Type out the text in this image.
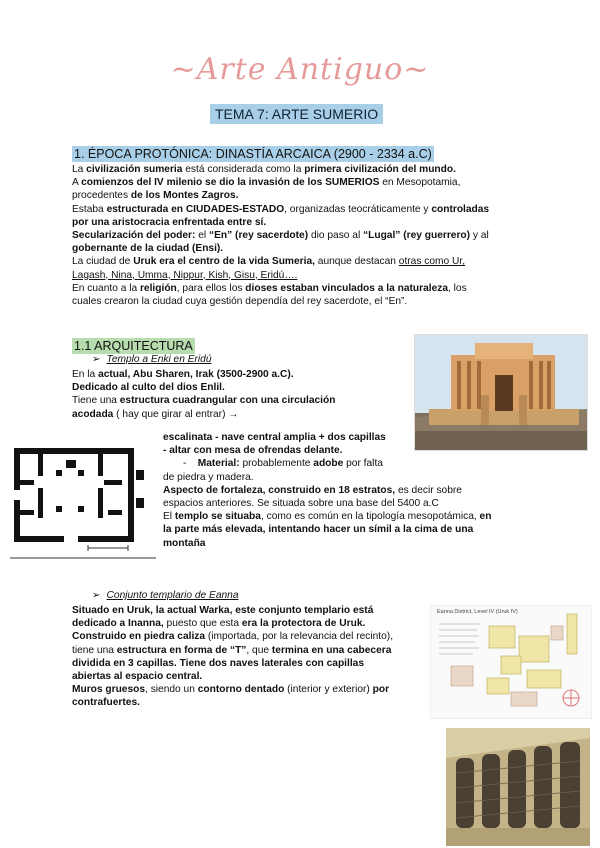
~Arte Antiguo~
TEMA 7: ARTE SUMERIO
1. ÉPOCA PROTÓNICA: DINASTÍA ARCAICA (2900 - 2334 a.C)
La civilización sumeria está considerada como la primera civilización del mundo.
A comienzos del IV milenio se dio la invasión de los SUMERIOS en Mesopotamia,
procedentes de los Montes Zagros.
Estaba estructurada en CIUDADES-ESTADO, organizadas teocráticamente y controladas
por una aristocracia enfrentada entre sí.
Secularización del poder: el “En” (rey sacerdote) dio paso al “Lugal” (rey guerrero) y al
gobernante de la ciudad (Ensi).
La ciudad de Uruk era el centro de la vida Sumeria, aunque destacan otras como Ur,
Lagash, Nina, Umma, Nippur, Kish, Gisu, Eridú….
En cuanto a la religión, para ellos los dioses estaban vinculados a la naturaleza, los
cuales crearon la ciudad cuya gestión dependía del rey sacerdote, el “En”.
1.1 ARQUITECTURA
➢ Templo a Enki en Eridú
En la actual, Abu Sharen, Irak (3500-2900 a.C).
Dedicado al culto del dios Enlil.
Tiene una estructura cuadrangular con una circulación
acodada ( hay que girar al entrar) →
escalinata - nave central amplia + dos capillas
- altar con mesa de ofrendas delante.
- Material: probablemente adobe por falta
de piedra y madera.
Aspecto de fortaleza, construido en 18 estratos, es decir sobre
espacios anteriores. Se situada sobre una base del 5400 a.C
El templo se situaba, como es común en la tipología mesopotámica, en
la parte más elevada, intentando hacer un símil a la cima de una
montaña
➢ Conjunto templario de Eanna
Situado en Uruk, la actual Warka, este conjunto templario está
dedicado a Inanna, puesto que esta era la protectora de Uruk.
Construido en piedra caliza (importada, por la relevancia del recinto),
tiene una estructura en forma de “T”, que termina en una cabecera
dividida en 3 capillas. Tiene dos naves laterales con capillas
abiertas al espacio central.
Muros gruesos, siendo un contorno dentado (interior y exterior) por
contrafuertes.
Eanna District, Level IV (Uruk IV)
